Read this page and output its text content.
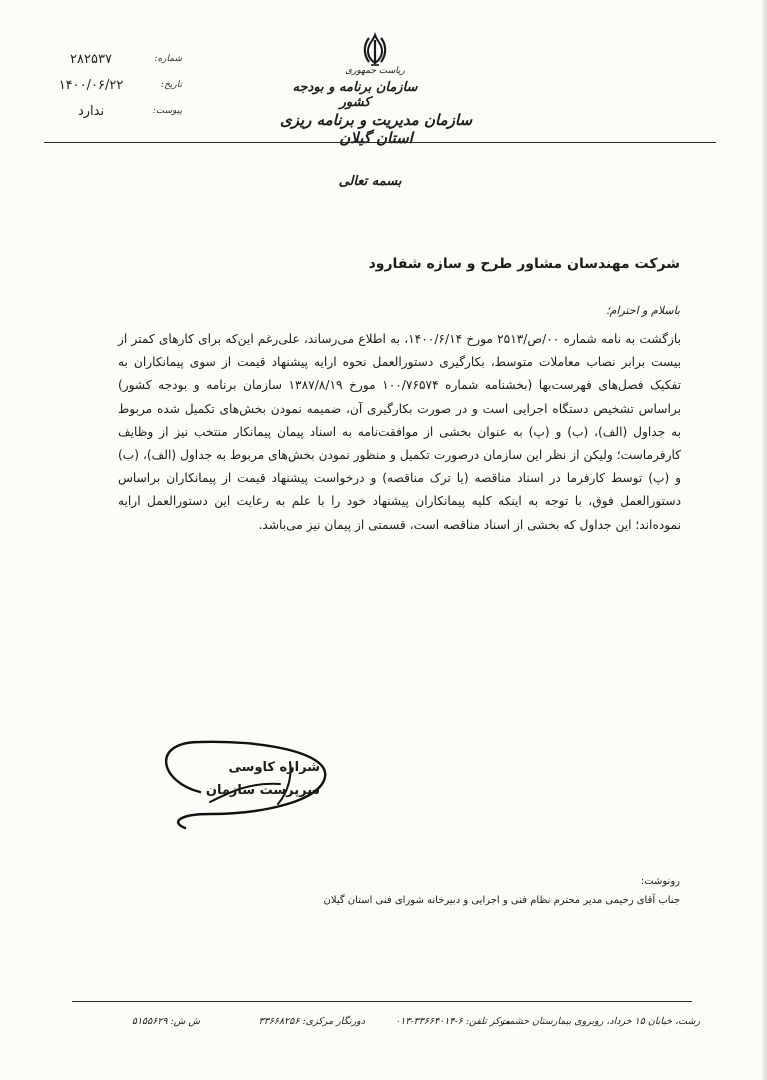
۲۸۲۵۳۷	شماره:
۱۴۰۰/۰۶/۲۲	تاریخ:
ندارد	پیوست:
ریاست جمهوری
سازمان برنامه و بودجه کشور
سازمان مدیریت و برنامه ریزی استان گیلان
بسمه تعالی
شرکت مهندسان مشاور طرح و سازه شفارود
باسلام و احترام؛

بازگشت به نامه شماره ۰۰/ص/۲۵۱۳ مورخ ۱۴۰۰/۶/۱۴، به اطلاع می‌رساند، علی‌رغم این‌که برای کارهای کمتر از بیست برابر نصاب معاملات متوسط، بکارگیری دستورالعمل نحوه ارایه پیشنهاد قیمت از سوی پیمانکاران به تفکیک فصل‌های فهرست‌بها (بخشنامه شماره ۱۰۰/۷۶۵۷۴ مورخ ۱۳۸۷/۸/۱۹ سازمان برنامه و بودجه کشور) براساس تشخیص دستگاه اجرایی است و در صورت بکارگیری آن، ضمیمه نمودن بخش‌های تکمیل شده مربوط به جداول (الف)، (ب) و (پ) به عنوان بخشی از موافقت‌نامه به اسناد پیمان پیمانکار منتخب نیز از وظایف کارفرماست؛ ولیکن از نظر این سازمان درصورت تکمیل و منظور نمودن بخش‌های مربوط به جداول (الف)، (ب) و (پ) توسط کارفرما در اسناد مناقصه (یا ترک مناقصه) و درخواست پیشنهاد قیمت از پیمانکاران براساس دستورالعمل فوق، با توجه به اینکه کلیه پیمانکاران پیشنهاد خود را با علم به رعایت این دستورالعمل ارایه نموده‌اند؛ این جداول که بخشی از اسناد مناقصه است، قسمتی از پیمان نیز می‌باشد.

شراره کاوسی
سرپرست سازمان
رونوشت:
جناب آقای رحیمی مدیر محترم نظام فنی و اجرایی و دبیرخانه شورای فنی استان گیلان
رشت، خیابان ۱۵ خرداد، روبروی بیمارستان حشمت
مرکز تلفن: ۶-۳۳۶۶۴۰۱۴-۰۱۳
دورنگار مرکزی: ۳۳۶۶۸۲۵۶
ش ش: ۵۱۵۵۶۲۹
